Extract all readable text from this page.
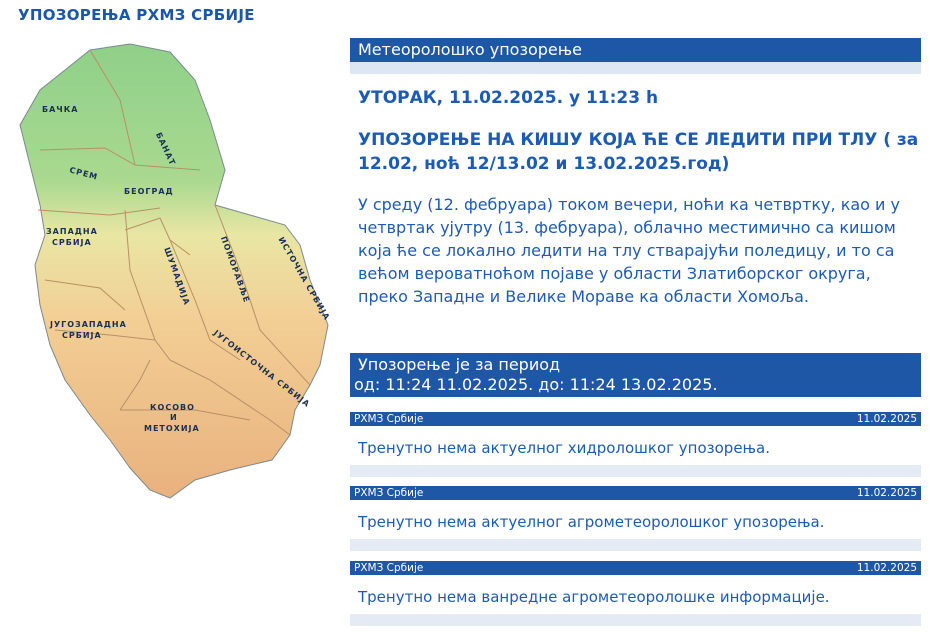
УПОЗОРЕЊА РХМЗ СРБИЈЕ
БАЧКА
БАНАТ
СРЕМ
БЕОГРАД
ЗАПАДНА
СРБИЈА
ШУМАДИЈА	ПОМОРАВЉЕ	ИСТОЧНА СРБИЈА
ЈУГОЗАПАДНА
СРБИЈА	ЈУГОИСТОЧНА СРБИЈА
КОСОВО
И
МЕТОХИЈА
Метеоролошко упозорење
УТОРАК, 11.02.2025. у 11:23 h
УПОЗОРЕЊЕ НА КИШУ КОЈА ЋЕ СЕ ЛЕДИТИ ПРИ ТЛУ ( за 12.02, ноћ 12/13.02 и 13.02.2025.год)
У среду (12. фебруара) током вечери, ноћи ка четвртку, као и у четвртак ујутру (13. фебруара), облачно местимично са кишом која ће се локално ледити на тлу стварајући поледицу, и то са већом вероватноћом појаве у области Златиборског округа, преко Западне и Велике Мораве ка области Хомоља.
Упозорење је за период
од: 11:24 11.02.2025. до: 11:24 13.02.2025.
РХМЗ Србије	11.02.2025
Тренутно нема актуелног хидролошког упозорења.
РХМЗ Србије	11.02.2025
Тренутно нема актуелног агрометеоролошког упозорења.
РХМЗ Србије	11.02.2025
Тренутно нема ванредне агрометеоролошке информације.
